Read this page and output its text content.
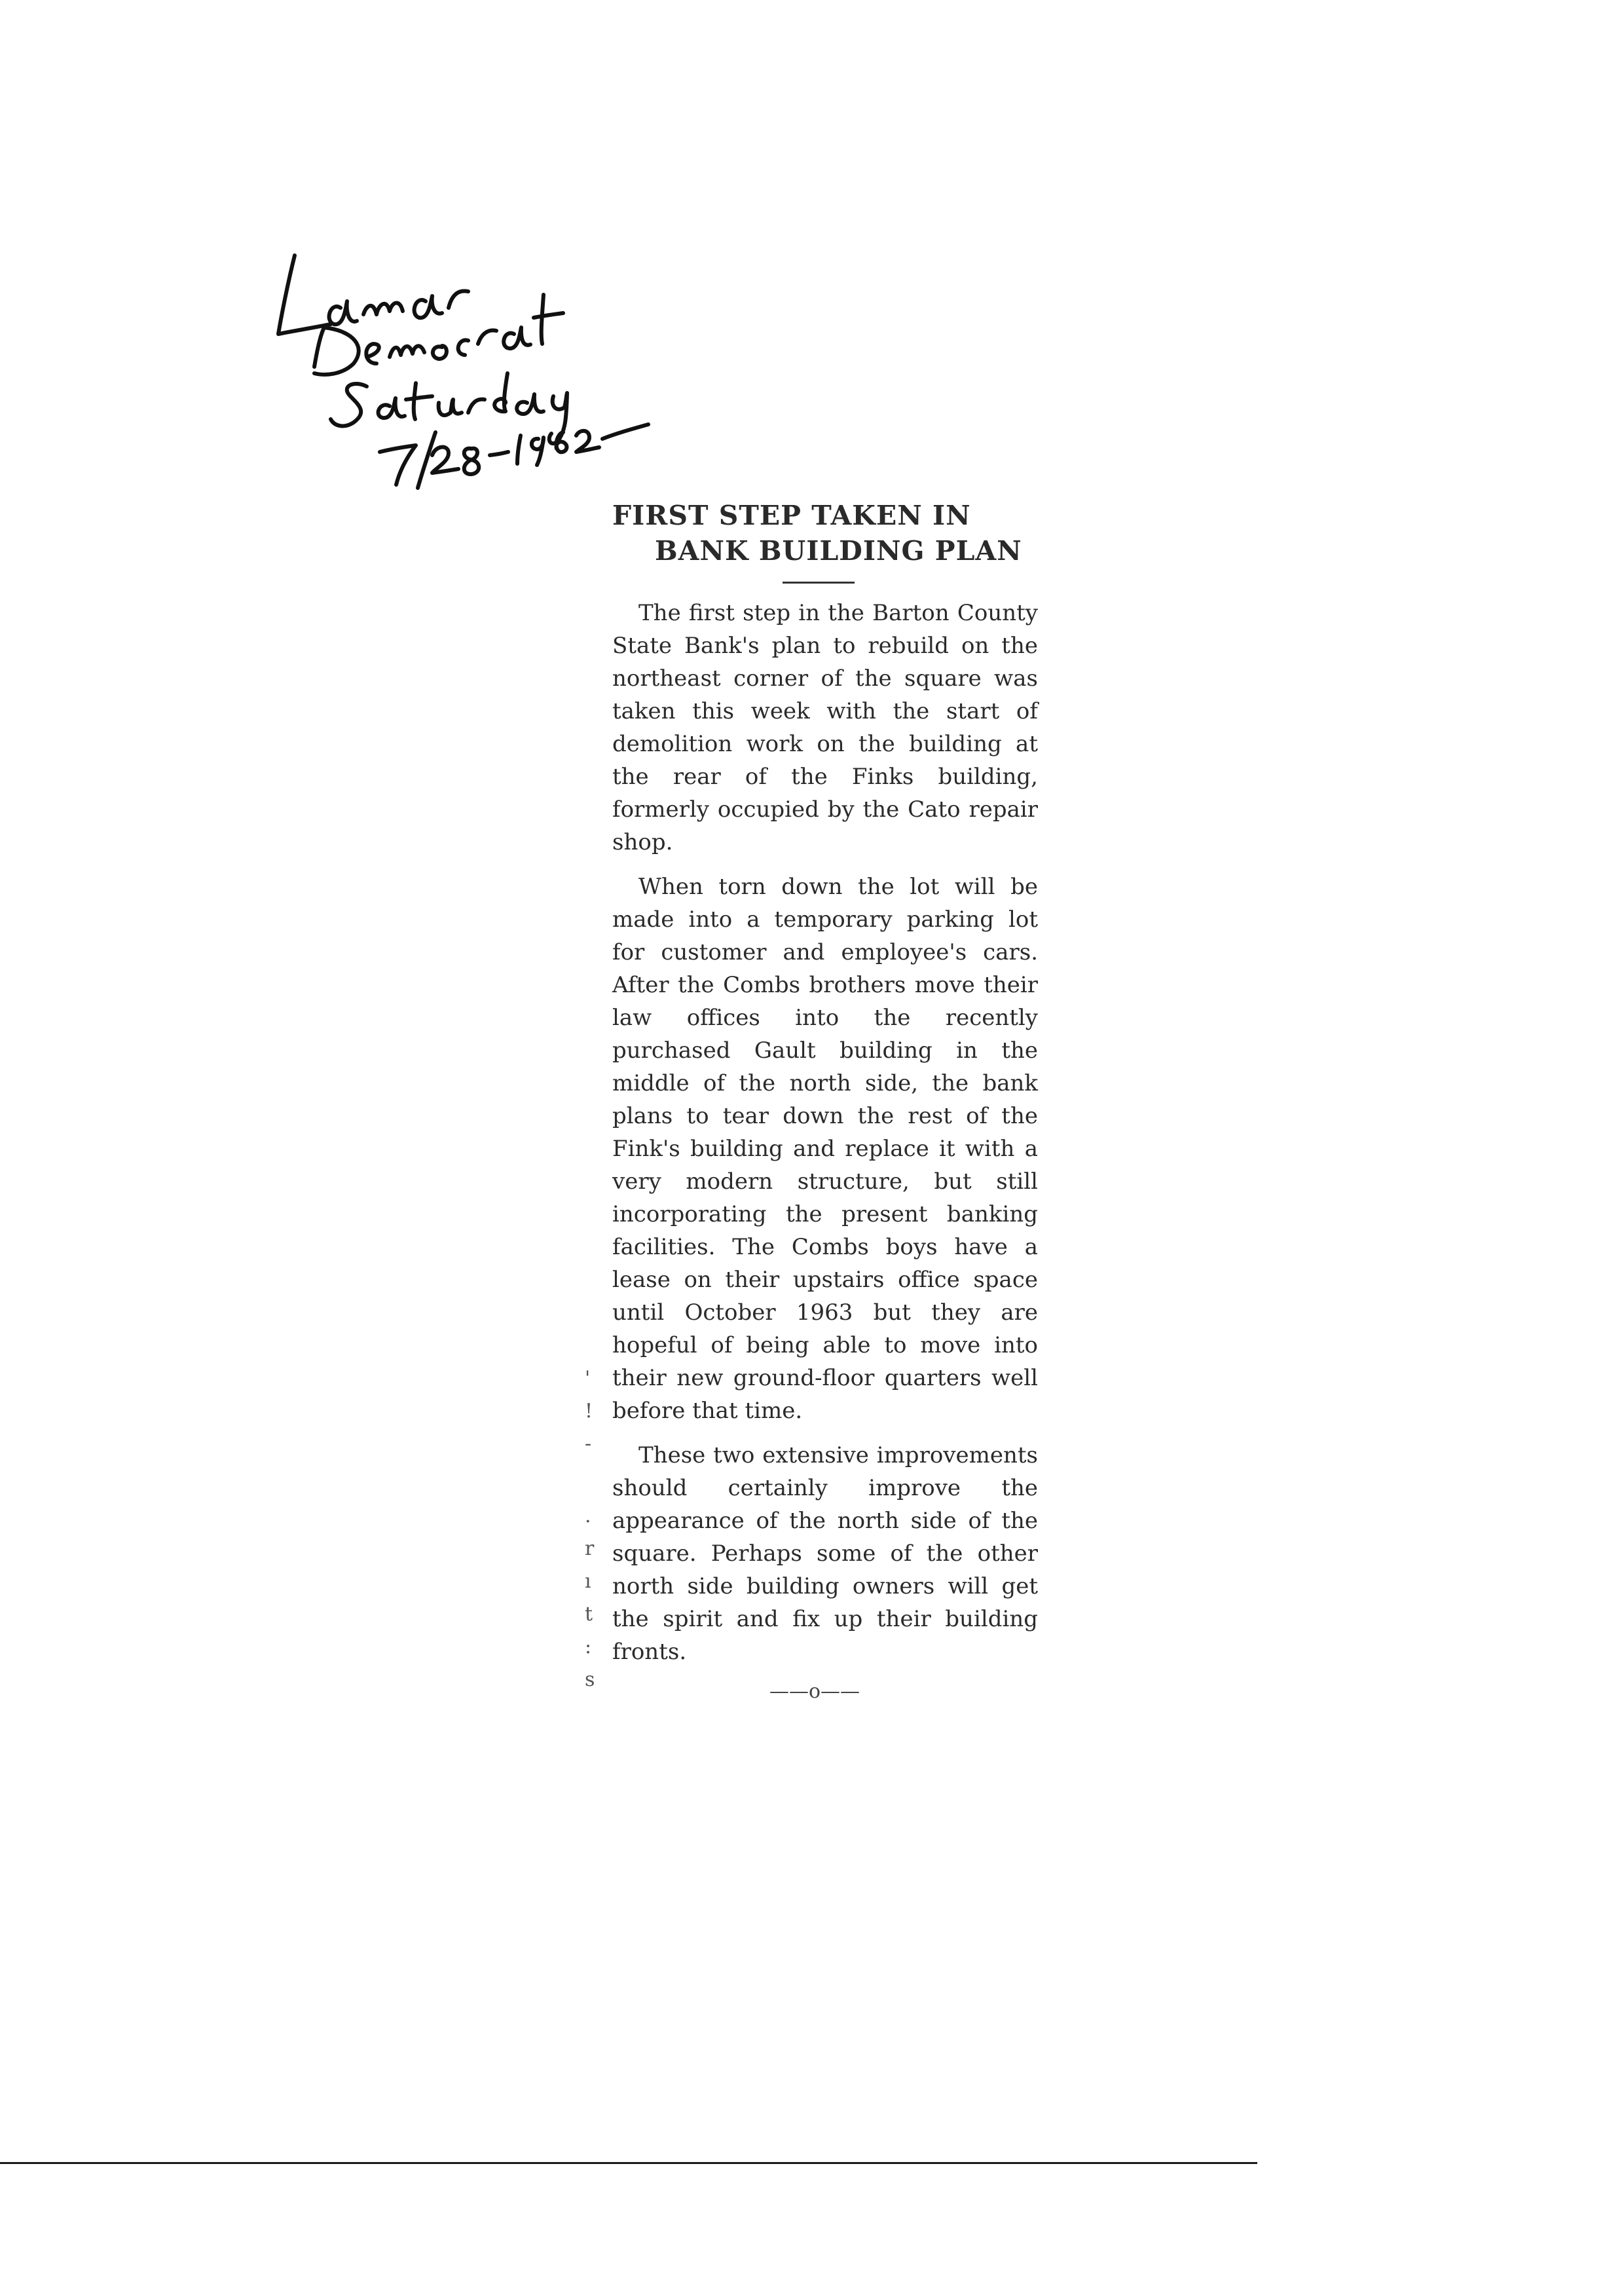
FIRST STEP TAKEN IN
BANK BUILDING PLAN

The first step in the Barton County State Bank's plan to rebuild on the northeast corner of the square was taken this week with the start of demolition work on the building at the rear of the Finks building, formerly occupied by the Cato repair shop.

When torn down the lot will be made into a temporary parking lot for customer and employee's cars. After the Combs brothers move their law offices into the recently purchased Gault building in the middle of the north side, the bank plans to tear down the rest of the Fink's building and replace it with a very modern structure, but still incorporating the present banking facilities. The Combs boys have a lease on their upstairs office space until October 1963 but they are hopeful of being able to move into their new ground-floor quarters well before that time.

These two extensive improvements should certainly improve the appearance of the north side of the square. Perhaps some of the other north side building owners will get the spirit and fix up their building fronts.

——o——
'
!
-
.
r
ı
t
:
s
